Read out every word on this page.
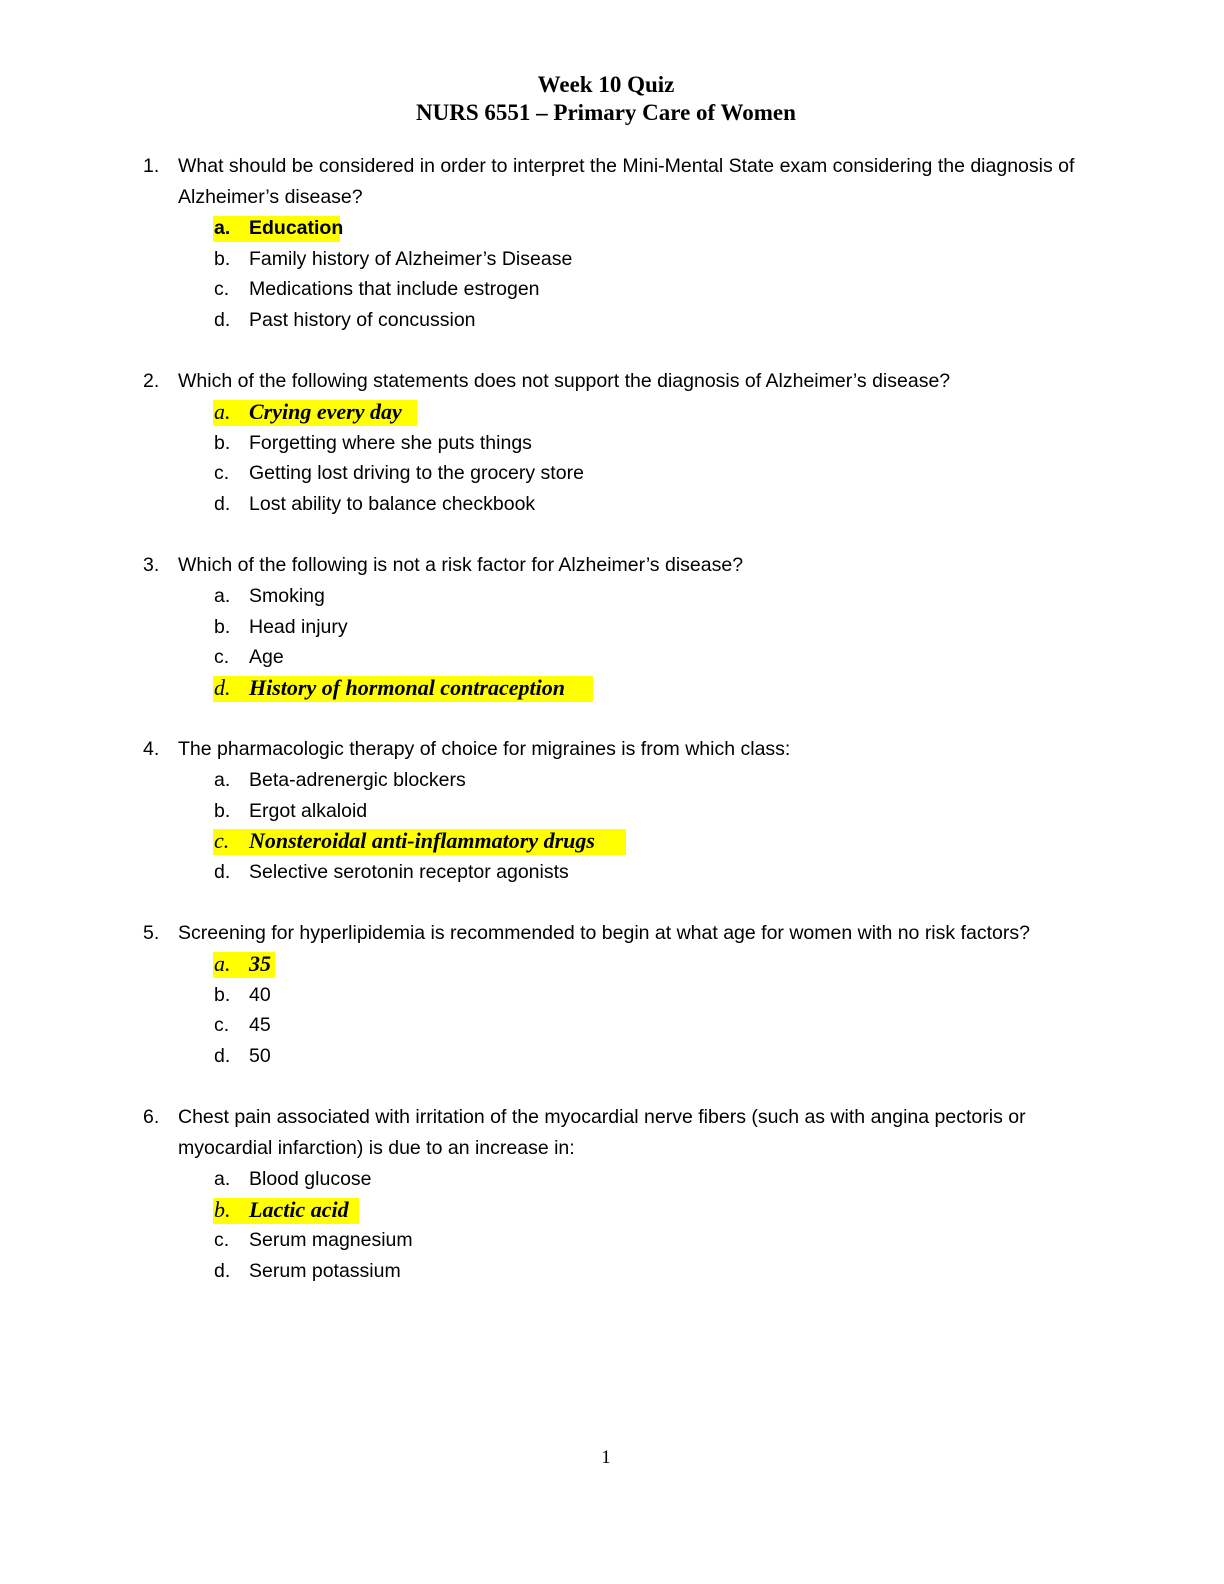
Week 10 Quiz
NURS 6551 – Primary Care of Women
1. What should be considered in order to interpret the Mini-Mental State exam considering the diagnosis of Alzheimer’s disease?
a. Education
b. Family history of Alzheimer’s Disease
c. Medications that include estrogen
d. Past history of concussion
2. Which of the following statements does not support the diagnosis of Alzheimer’s disease?
a. Crying every day
b. Forgetting where she puts things
c. Getting lost driving to the grocery store
d. Lost ability to balance checkbook
3. Which of the following is not a risk factor for Alzheimer’s disease?
a. Smoking
b. Head injury
c. Age
d. History of hormonal contraception
4. The pharmacologic therapy of choice for migraines is from which class:
a. Beta-adrenergic blockers
b. Ergot alkaloid
c. Nonsteroidal anti-inflammatory drugs
d. Selective serotonin receptor agonists
5. Screening for hyperlipidemia is recommended to begin at what age for women with no risk factors?
a. 35
b. 40
c. 45
d. 50
6. Chest pain associated with irritation of the myocardial nerve fibers (such as with angina pectoris or myocardial infarction) is due to an increase in:
a. Blood glucose
b. Lactic acid
c. Serum magnesium
d. Serum potassium
1
